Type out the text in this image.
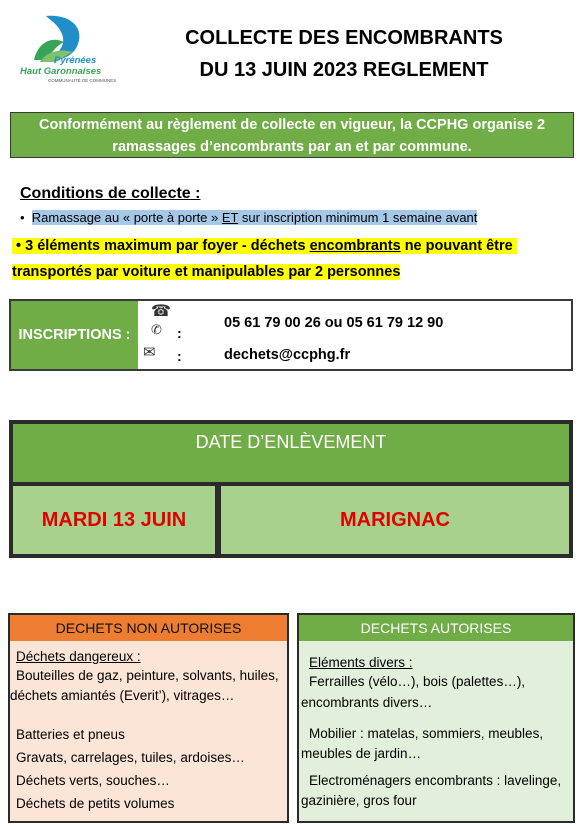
Pyrénées
Haut Garonnaises
COMMUNAUTÉ DE COMMUNES
COLLECTE DES ENCOMBRANTS
DU 13 JUIN 2023 REGLEMENT
Conformément au règlement de collecte en vigueur, la CCPHG organise 2 ramassages d’encombrants par an et par commune.
Conditions de collecte :
• Ramassage au « porte à porte » ET sur inscription minimum 1 semaine avant
• 3 éléments maximum par foyer - déchets encombrants ne pouvant être
transportés par voiture et manipulables par 2 personnes
INSCRIPTIONS :
☎
✆ :
✉ :
05 61 79 00 26 ou 05 61 79 12 90
dechets@ccphg.fr
DATE D’ENLÈVEMENT
MARDI 13 JUIN	MARIGNAC
DECHETS NON AUTORISES
Déchets dangereux :
Bouteilles de gaz, peinture, solvants, huiles,
déchets amiantés (Everit’), vitrages…
Batteries et pneus
Gravats, carrelages, tuiles, ardoises…
Déchets verts, souches…
Déchets de petits volumes
DECHETS AUTORISES
Eléments divers :
Ferrailles (vélo…), bois (palettes…),
encombrants divers…
Mobilier : matelas, sommiers, meubles,
meubles de jardin…
Electroménagers encombrants : lavelinge,
gazinière, gros four
